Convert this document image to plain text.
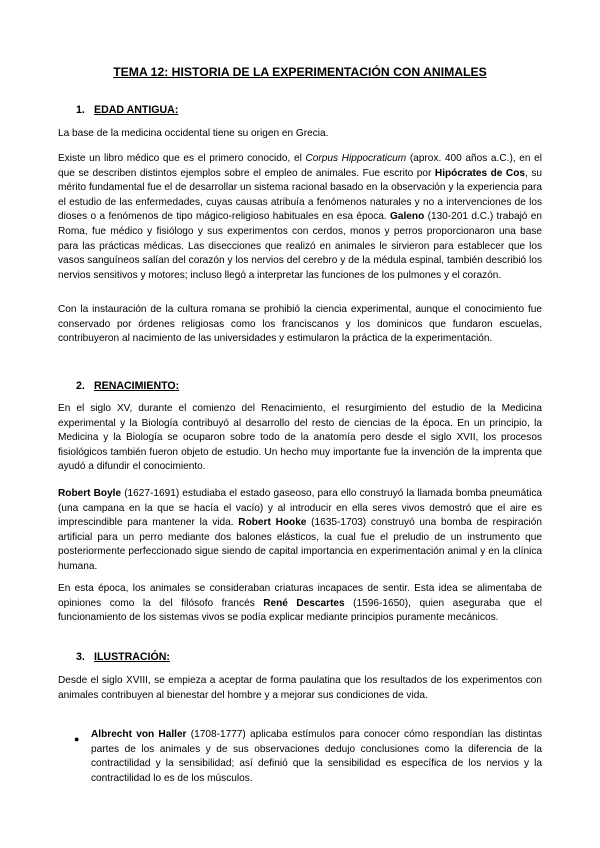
TEMA 12: HISTORIA DE LA EXPERIMENTACIÓN CON ANIMALES
1. EDAD ANTIGUA:
La base de la medicina occidental tiene su origen en Grecia.
Existe un libro médico que es el primero conocido, el Corpus Hippocraticum (aprox. 400 años a.C.), en el que se describen distintos ejemplos sobre el empleo de animales. Fue escrito por Hipócrates de Cos, su mérito fundamental fue el de desarrollar un sistema racional basado en la observación y la experiencia para el estudio de las enfermedades, cuyas causas atribuía a fenómenos naturales y no a intervenciones de los dioses o a fenómenos de tipo mágico-religioso habituales en esa época. Galeno (130-201 d.C.) trabajó en Roma, fue médico y fisiólogo y sus experimentos con cerdos, monos y perros proporcionaron una base para las prácticas médicas. Las disecciones que realizó en animales le sirvieron para establecer que los vasos sanguíneos salían del corazón y los nervios del cerebro y de la médula espinal, también describió los nervios sensitivos y motores; incluso llegó a interpretar las funciones de los pulmones y el corazón.
Con la instauración de la cultura romana se prohibió la ciencia experimental, aunque el conocimiento fue conservado por órdenes religiosas como los franciscanos y los dominicos que fundaron escuelas, contribuyeron al nacimiento de las universidades y estimularon la práctica de la experimentación.
2. RENACIMIENTO:
En el siglo XV, durante el comienzo del Renacimiento, el resurgimiento del estudio de la Medicina experimental y la Biología contribuyó al desarrollo del resto de ciencias de la época. En un principio, la Medicina y la Biología se ocuparon sobre todo de la anatomía pero desde el siglo XVII, los procesos fisiológicos también fueron objeto de estudio. Un hecho muy importante fue la invención de la imprenta que ayudó a difundir el conocimiento.
Robert Boyle (1627-1691) estudiaba el estado gaseoso, para ello construyó la llamada bomba pneumática (una campana en la que se hacía el vacío) y al introducir en ella seres vivos demostró que el aire es imprescindible para mantener la vida. Robert Hooke (1635-1703) construyó una bomba de respiración artificial para un perro mediante dos balones elásticos, la cual fue el preludio de un instrumento que posteriormente perfeccionado sigue siendo de capital importancia en experimentación animal y en la clínica humana.
En esta época, los animales se consideraban criaturas incapaces de sentir. Esta idea se alimentaba de opiniones como la del filósofo francés René Descartes (1596-1650), quien aseguraba que el funcionamiento de los sistemas vivos se podía explicar mediante principios puramente mecánicos.
3. ILUSTRACIÓN:
Desde el siglo XVIII, se empieza a aceptar de forma paulatina que los resultados de los experimentos con animales contribuyen al bienestar del hombre y a mejorar sus condiciones de vida.
● Albrecht von Haller (1708-1777) aplicaba estímulos para conocer cómo respondían las distintas partes de los animales y de sus observaciones dedujo conclusiones como la diferencia de la contractilidad y la sensibilidad; así definió que la sensibilidad es específica de los nervios y la contractilidad lo es de los músculos.
